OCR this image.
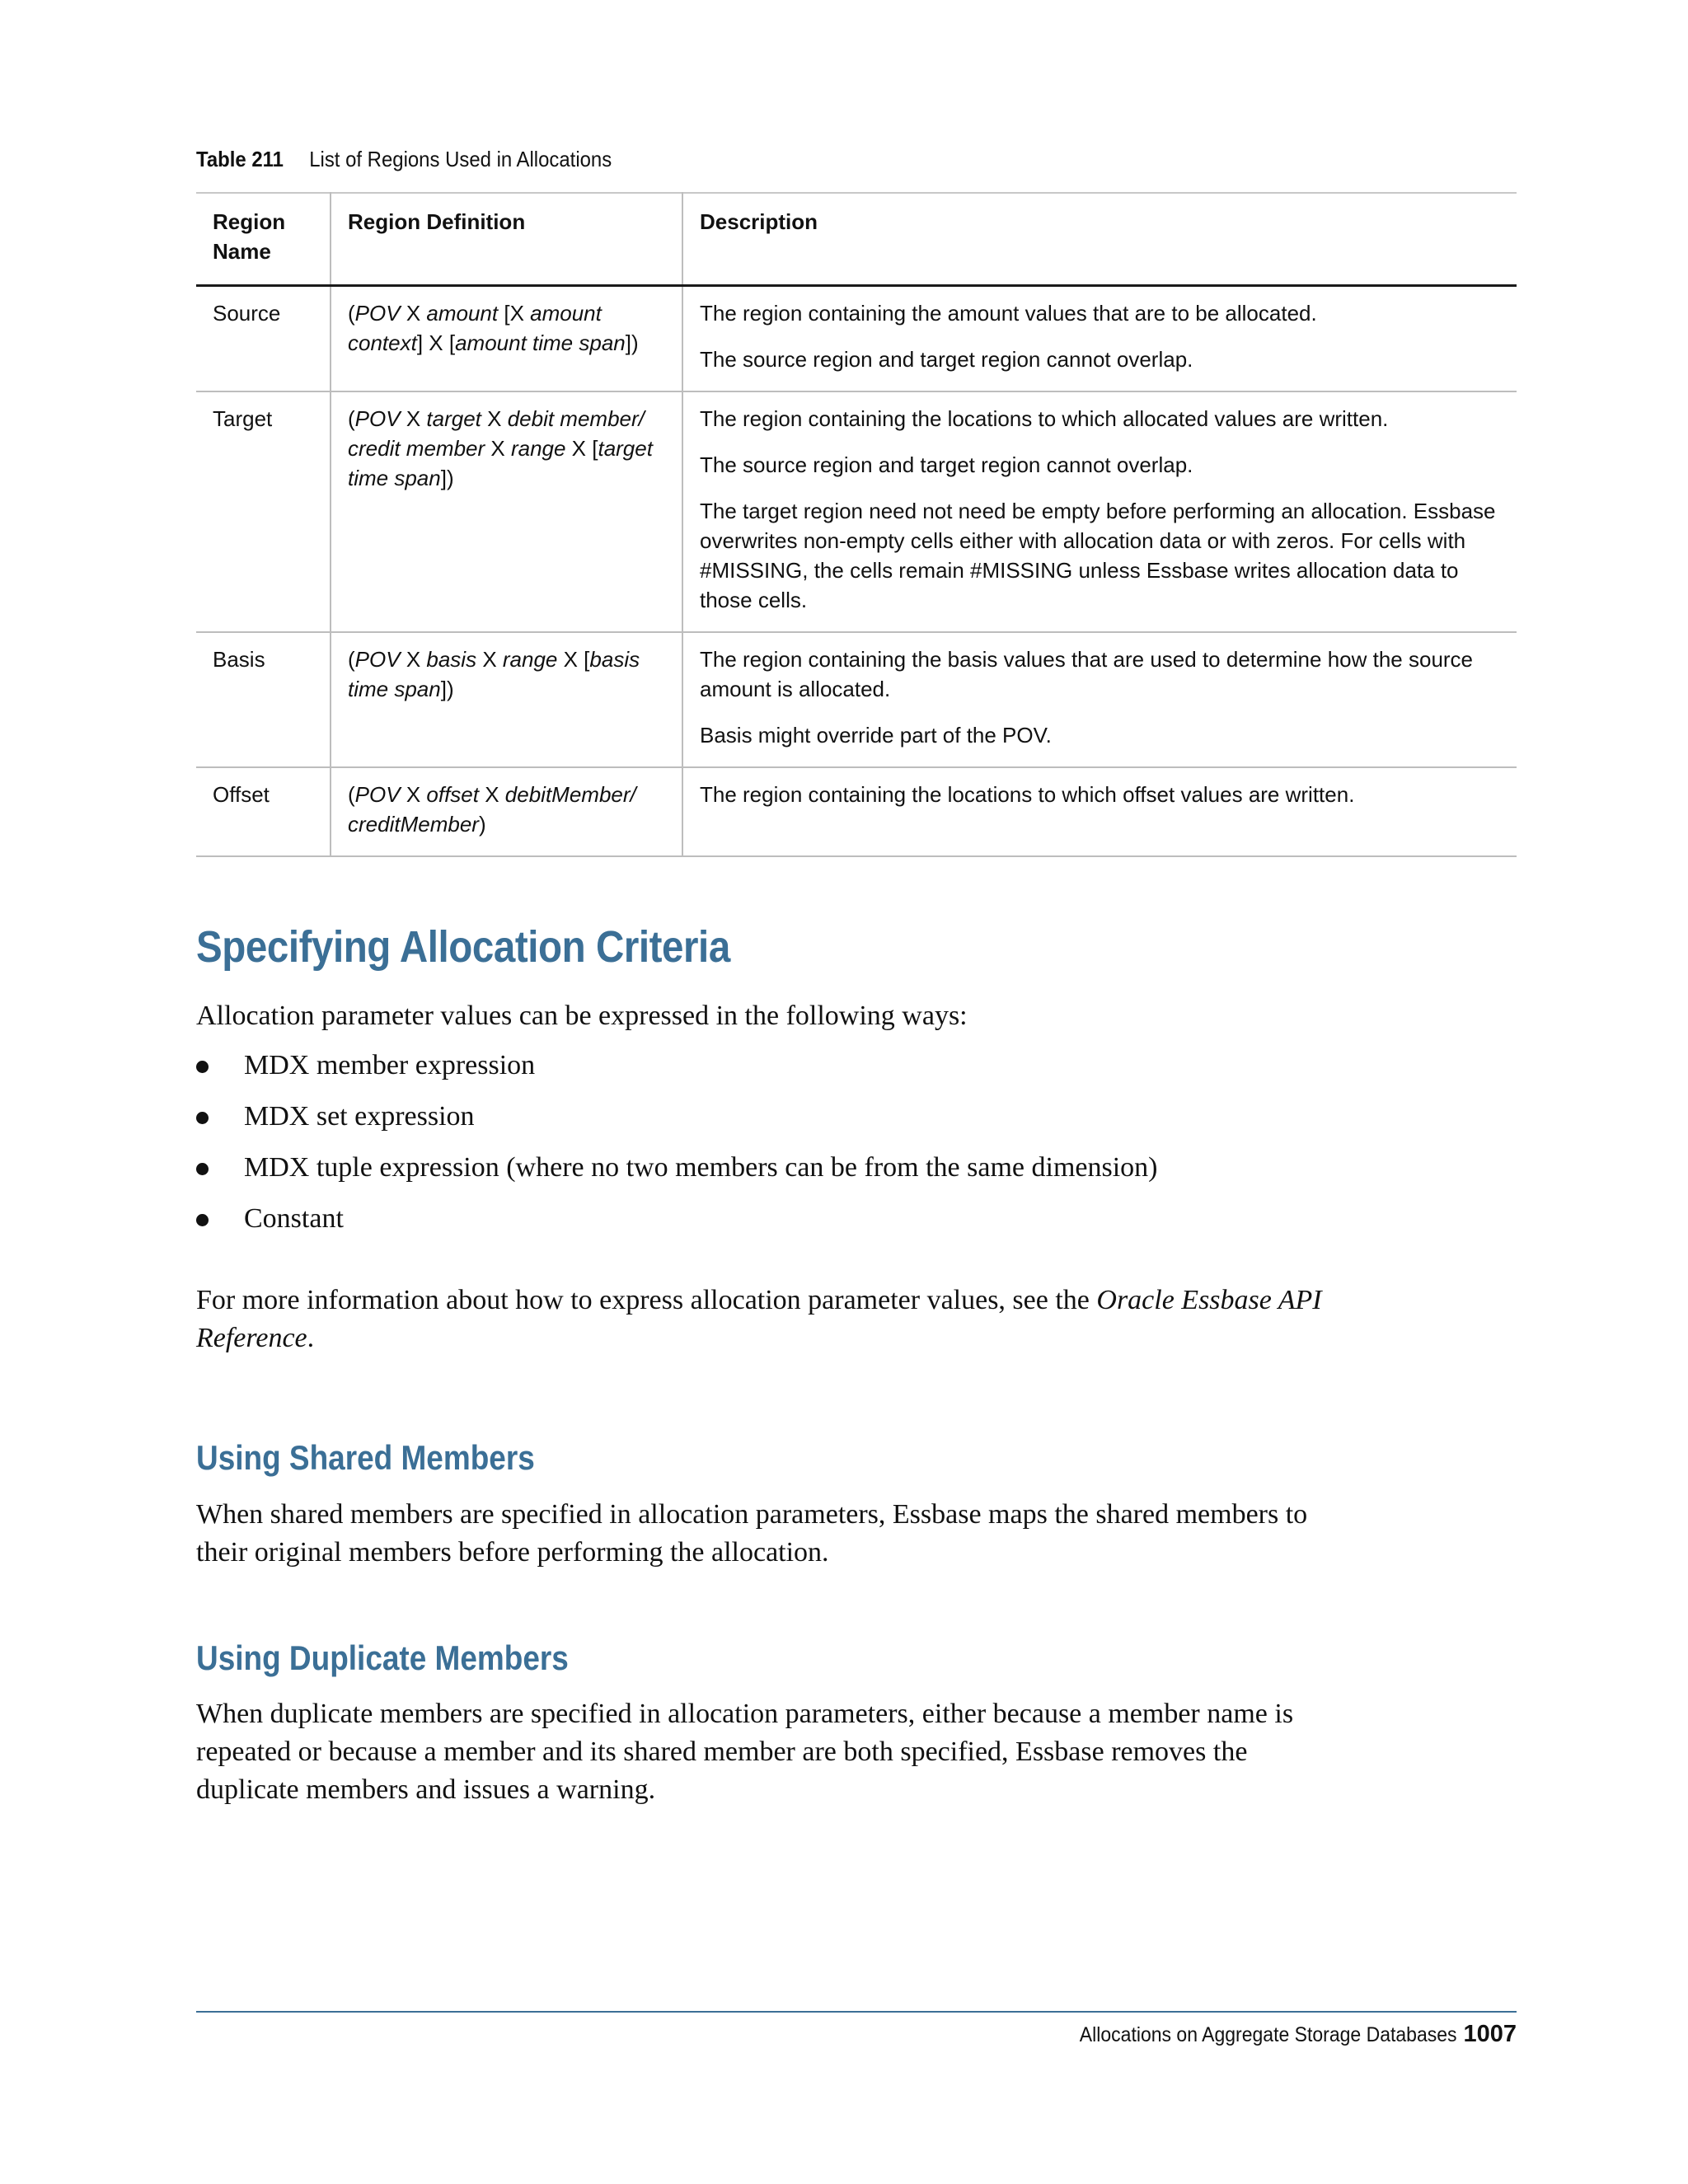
Table 211 List of Regions Used in Allocations
Region
Name	Region Definition	Description
Source	(POV X amount [X amount context] X [amount time span])	The region containing the amount values that are to be allocated.

The source region and target region cannot overlap.

Target	(POV X target X debit member/ credit member X range X [target time span])	The region containing the locations to which allocated values are written.

The source region and target region cannot overlap.

The target region need not need be empty before performing an allocation. Essbase overwrites non-empty cells either with allocation data or with zeros. For cells with #MISSING, the cells remain #MISSING unless Essbase writes allocation data to those cells.

Basis	(POV X basis X range X [basis time span])	The region containing the basis values that are used to determine how the source amount is allocated.

Basis might override part of the POV.

Offset	(POV X offset X debitMember/ creditMember)	The region containing the locations to which offset values are written.

Specifying Allocation Criteria

Allocation parameter values can be expressed in the following ways:

MDX member expression
MDX set expression
MDX tuple expression (where no two members can be from the same dimension)
Constant

For more information about how to express allocation parameter values, see the Oracle Essbase API Reference.

Using Shared Members

When shared members are specified in allocation parameters, Essbase maps the shared members to their original members before performing the allocation.

Using Duplicate Members

When duplicate members are specified in allocation parameters, either because a member name is repeated or because a member and its shared member are both specified, Essbase removes the duplicate members and issues a warning.

Allocations on Aggregate Storage Databases 1007
